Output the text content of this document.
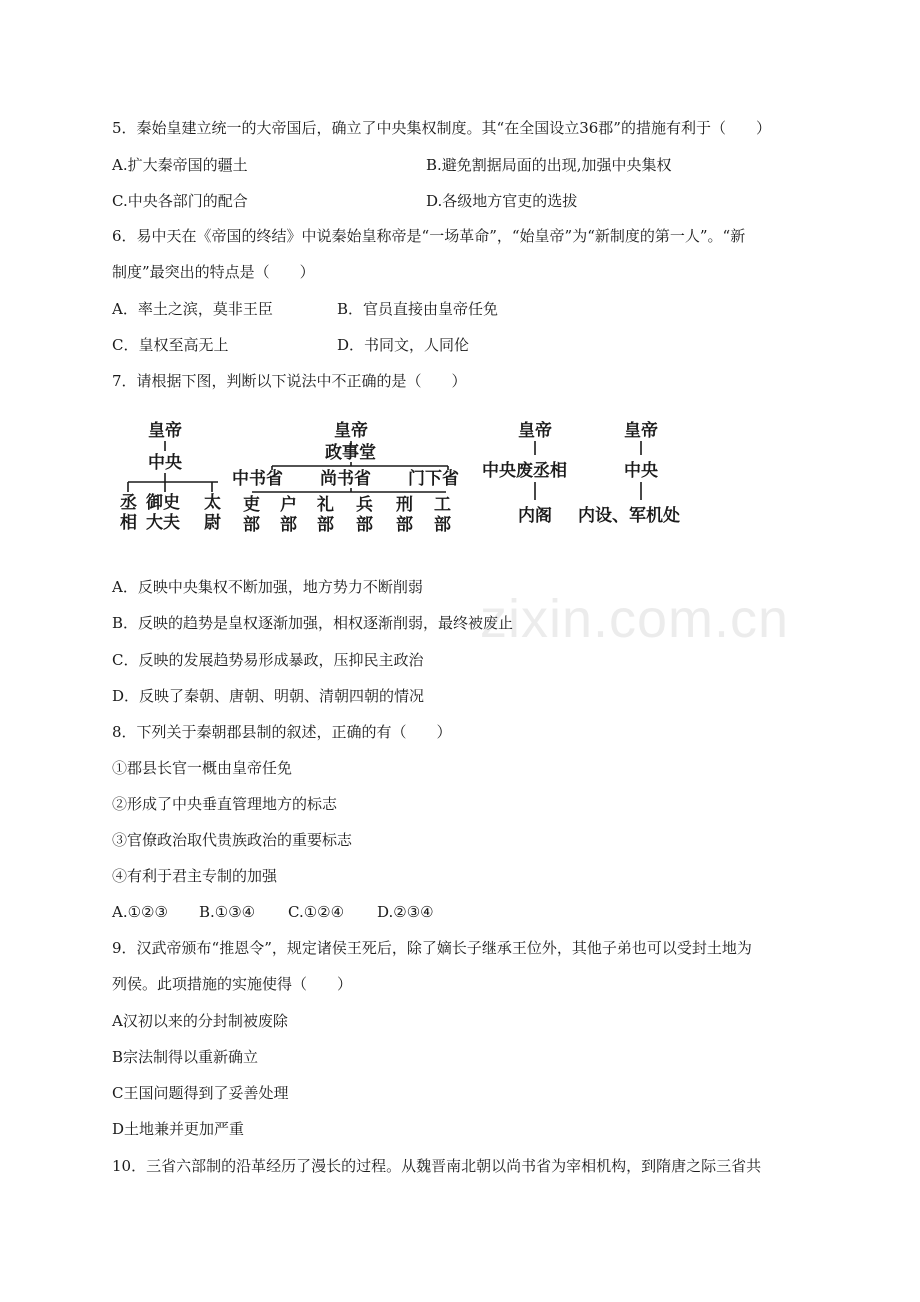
5．秦始皇建立统一的大帝国后，确立了中央集权制度。其“在全国设立36郡”的措施有利于（　　）
A.扩大秦帝国的疆土	B.避免割据局面的出现,加强中央集权
C.中央各部门的配合	D.各级地方官吏的选拔
6．易中天在《帝国的终结》中说秦始皇称帝是“一场革命”，“始皇帝”为“新制度的第一人”。“新
制度”最突出的特点是（　　）
A．率土之滨，莫非王臣	B．官员直接由皇帝任免
C．皇权至高无上	D．书同文，人同伦
7．请根据下图，判断以下说法中不正确的是（　　）
皇帝
中央
丞相
御史大夫
太尉
皇帝
政事堂
中书省 尚书省 门下省
吏部
户部
礼部
兵部
刑部
工部
皇帝
中央废丞相
内阁
皇帝
中央
内设、军机处
A．反映中央集权不断加强，地方势力不断削弱
B．反映的趋势是皇权逐渐加强，相权逐渐削弱，最终被废止
C．反映的发展趋势易形成暴政，压抑民主政治
D．反映了秦朝、唐朝、明朝、清朝四朝的情况
zixin.com.cn
8．下列关于秦朝郡县制的叙述，正确的有（　　）
①郡县长官一概由皇帝任免
②形成了中央垂直管理地方的标志
③官僚政治取代贵族政治的重要标志
④有利于君主专制的加强
A.①②③ B.①③④ C.①②④ D.②③④
9．汉武帝颁布“推恩令”，规定诸侯王死后，除了嫡长子继承王位外，其他子弟也可以受封土地为
列侯。此项措施的实施使得（　　）
A汉初以来的分封制被废除
B宗法制得以重新确立
C王国问题得到了妥善处理
D土地兼并更加严重
10．三省六部制的沿革经历了漫长的过程。从魏晋南北朝以尚书省为宰相机构，到隋唐之际三省共
